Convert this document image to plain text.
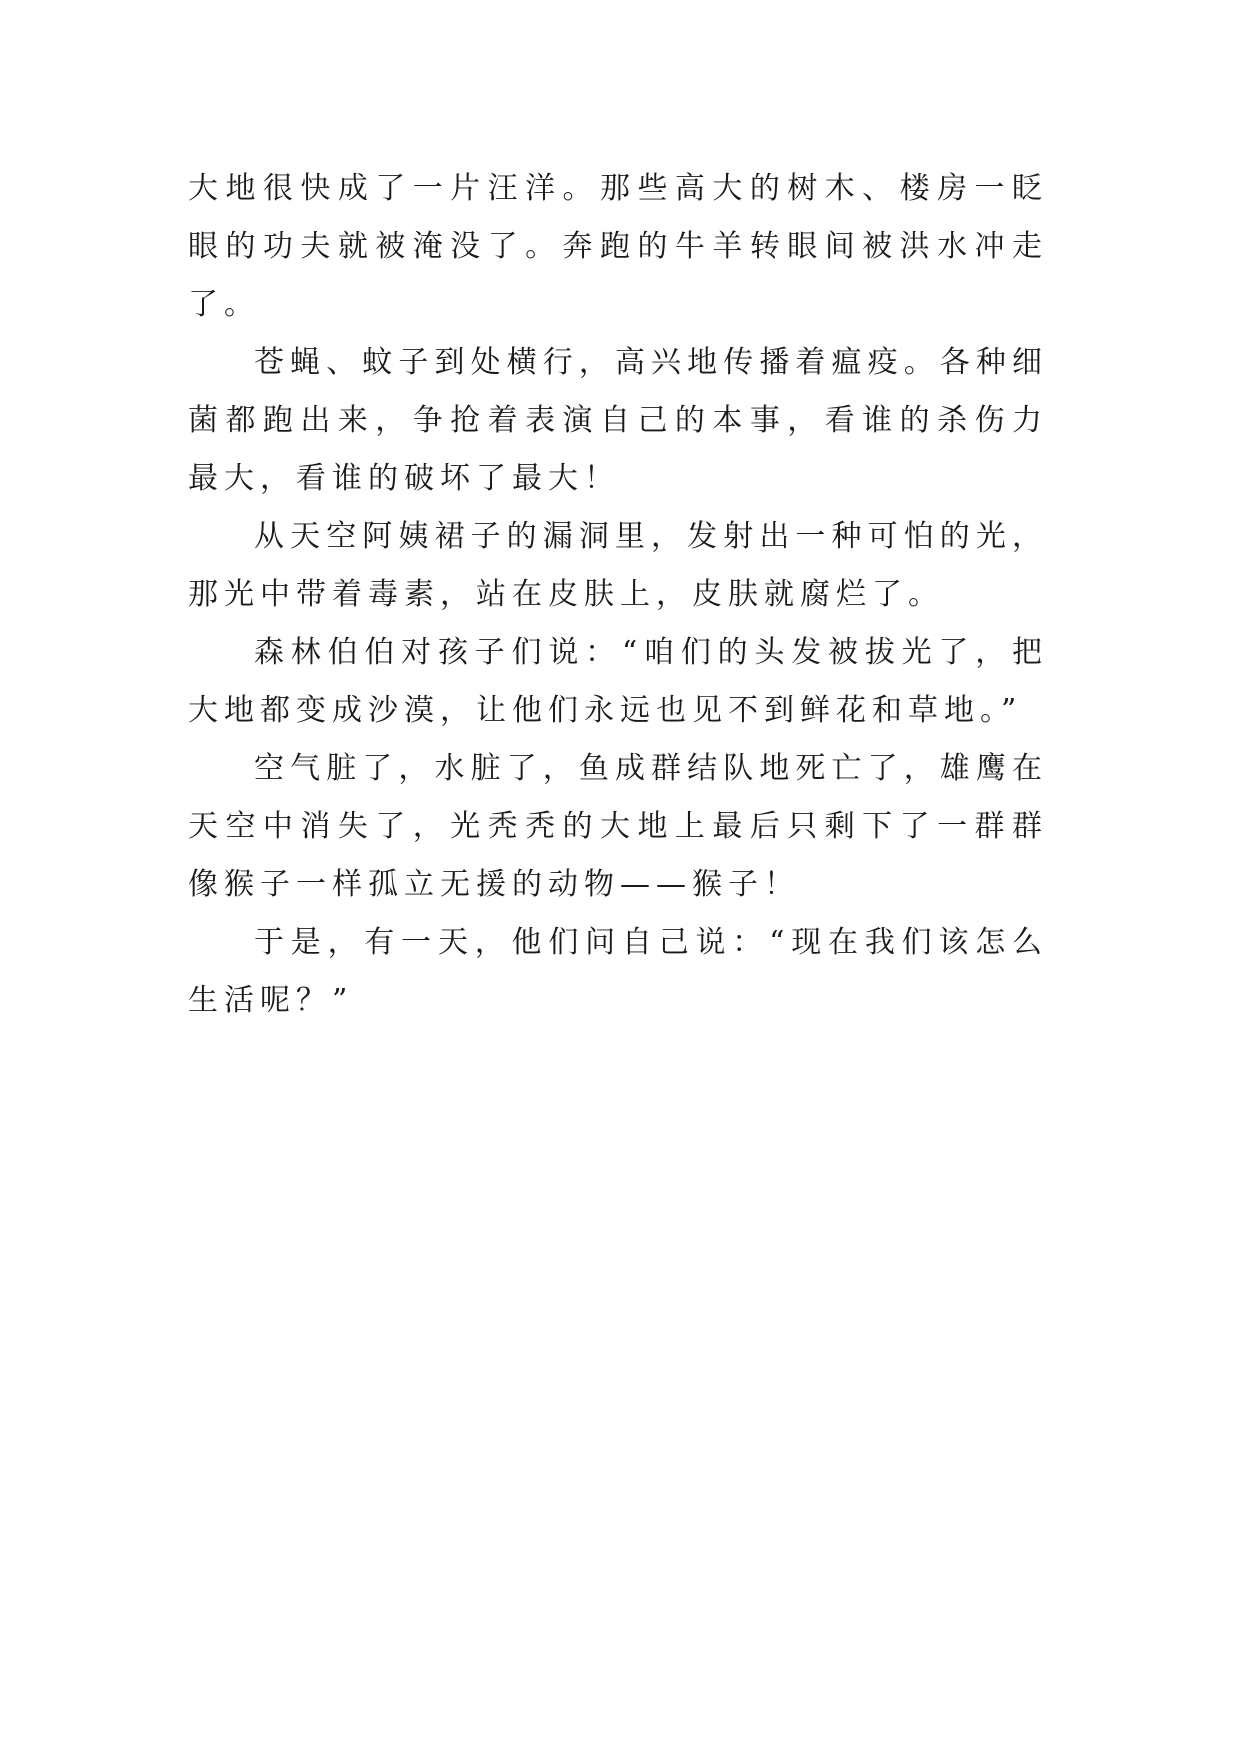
大地很快成了一片汪洋。那些高大的树木、楼房一眨眼的功夫就被淹没了。奔跑的牛羊转眼间被洪水冲走了。

苍蝇、蚊子到处横行，高兴地传播着瘟疫。各种细菌都跑出来，争抢着表演自己的本事，看谁的杀伤力最大，看谁的破坏了最大！

从天空阿姨裙子的漏洞里，发射出一种可怕的光，那光中带着毒素，站在皮肤上，皮肤就腐烂了。

森林伯伯对孩子们说：“咱们的头发被拔光了，把大地都变成沙漠，让他们永远也见不到鲜花和草地。”

空气脏了，水脏了，鱼成群结队地死亡了，雄鹰在天空中消失了，光秃秃的大地上最后只剩下了一群群像猴子一样孤立无援的动物——猴子！

于是，有一天，他们问自己说：“现在我们该怎么生活呢？”
